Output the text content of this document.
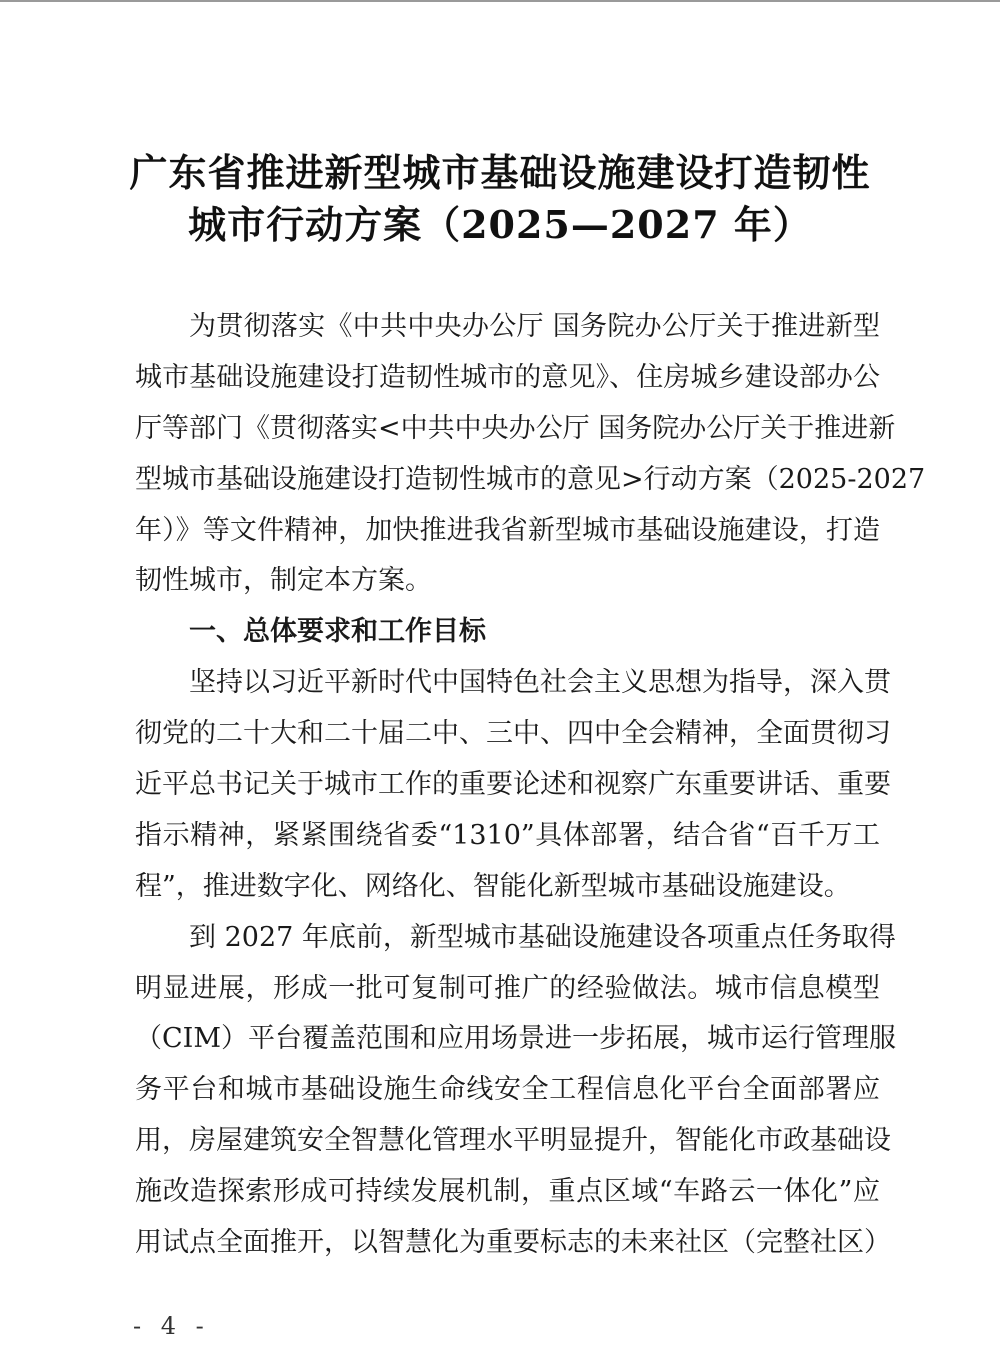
广东省推进新型城市基础设施建设打造韧性
城市行动方案（2025—2027 年）
为贯彻落实《中共中央办公厅 国务院办公厅关于推进新型
城市基础设施建设打造韧性城市的意见》、住房城乡建设部办公
厅等部门《贯彻落实<中共中央办公厅 国务院办公厅关于推进新
型城市基础设施建设打造韧性城市的意见>行动方案（2025-2027
年）》等文件精神，加快推进我省新型城市基础设施建设，打造
韧性城市，制定本方案。
一、总体要求和工作目标
坚持以习近平新时代中国特色社会主义思想为指导，深入贯
彻党的二十大和二十届二中、三中、四中全会精神，全面贯彻习
近平总书记关于城市工作的重要论述和视察广东重要讲话、重要
指示精神，紧紧围绕省委“1310”具体部署，结合省“百千万工
程”，推进数字化、网络化、智能化新型城市基础设施建设。
到 2027 年底前，新型城市基础设施建设各项重点任务取得
明显进展，形成一批可复制可推广的经验做法。城市信息模型
（CIM）平台覆盖范围和应用场景进一步拓展，城市运行管理服
务平台和城市基础设施生命线安全工程信息化平台全面部署应
用，房屋建筑安全智慧化管理水平明显提升，智能化市政基础设
施改造探索形成可持续发展机制，重点区域“车路云一体化”应
用试点全面推开，以智慧化为重要标志的未来社区（完整社区）
- 4 -
